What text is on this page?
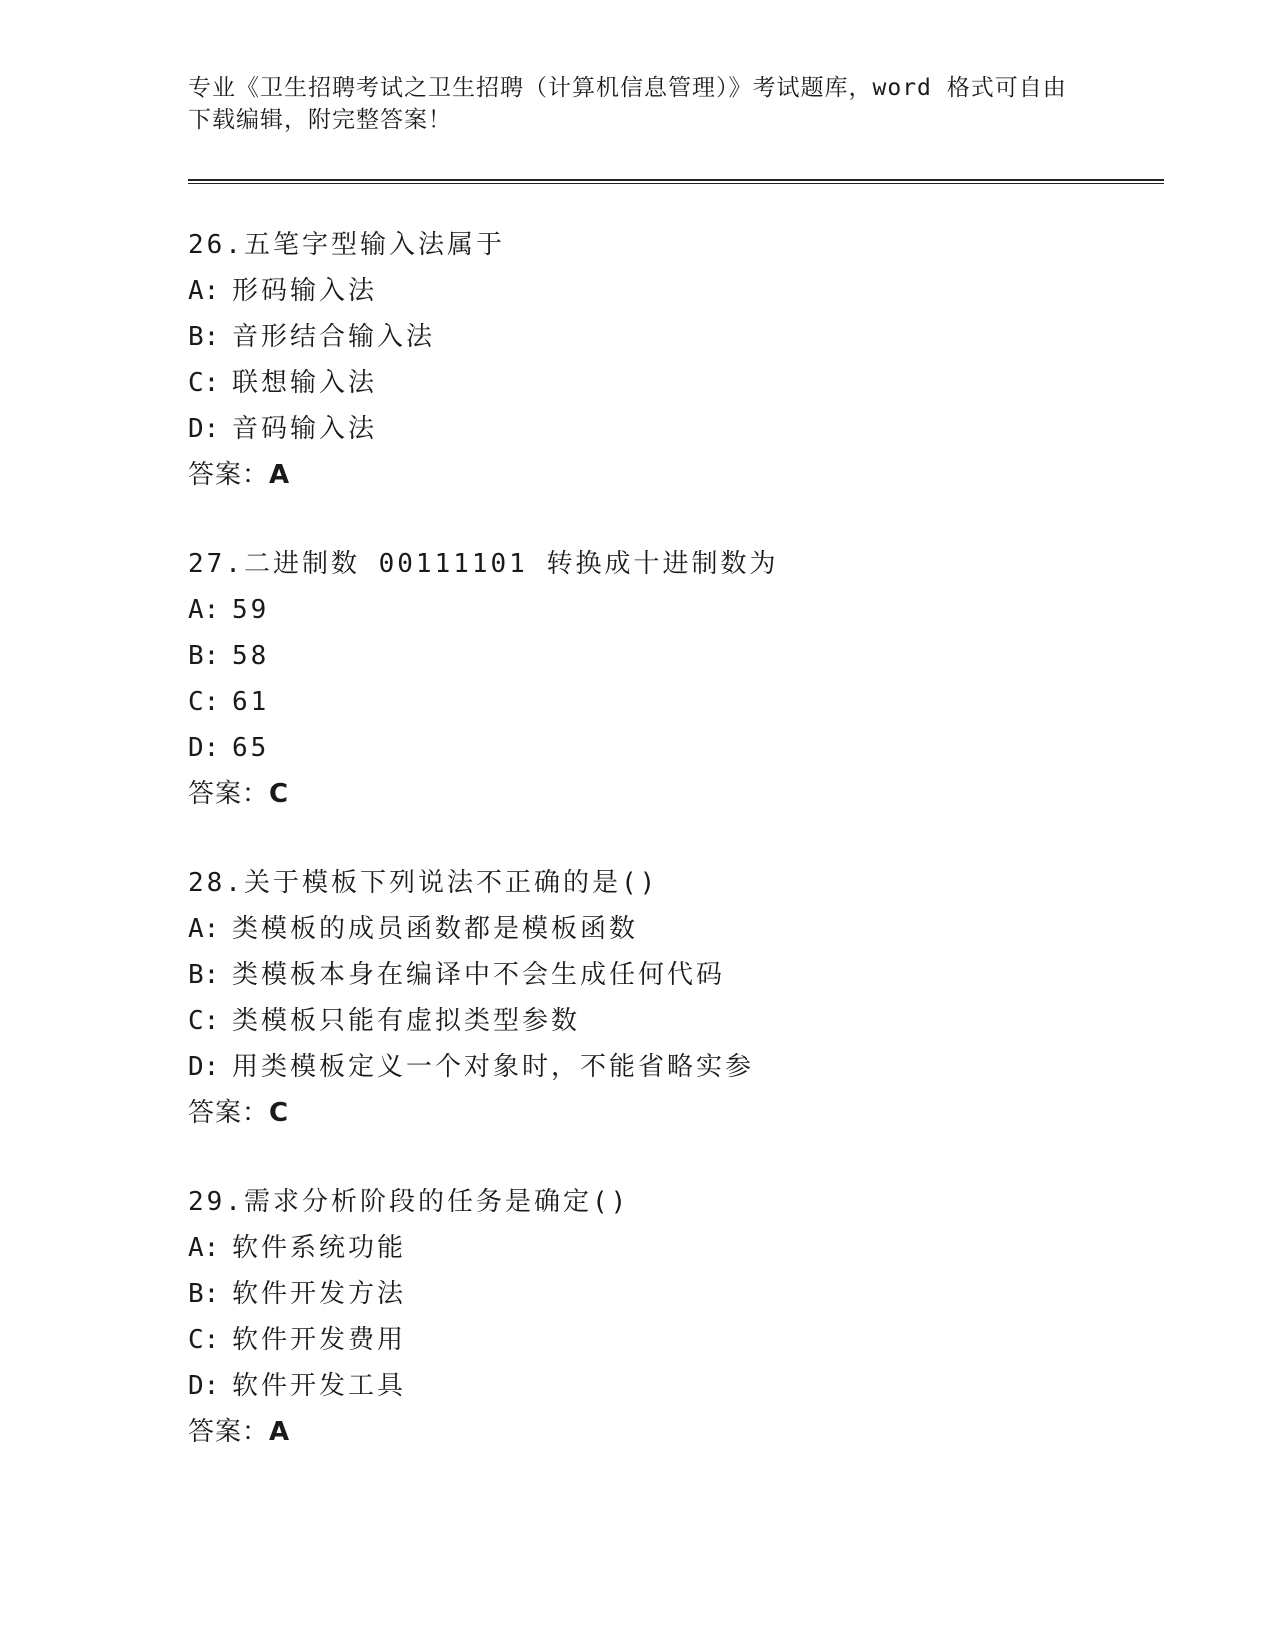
专业《卫生招聘考试之卫生招聘（计算机信息管理）》考试题库，word 格式可自由下载编辑，附完整答案！
26.五笔字型输入法属于
A: 形码输入法
B: 音形结合输入法
C: 联想输入法
D: 音码输入法
答案：A
27.二进制数 00111101 转换成十进制数为
A: 59
B: 58
C: 61
D: 65
答案：C
28.关于模板下列说法不正确的是()
A: 类模板的成员函数都是模板函数
B: 类模板本身在编译中不会生成任何代码
C: 类模板只能有虚拟类型参数
D: 用类模板定义一个对象时，不能省略实参
答案：C
29.需求分析阶段的任务是确定()
A: 软件系统功能
B: 软件开发方法
C: 软件开发费用
D: 软件开发工具
答案：A
